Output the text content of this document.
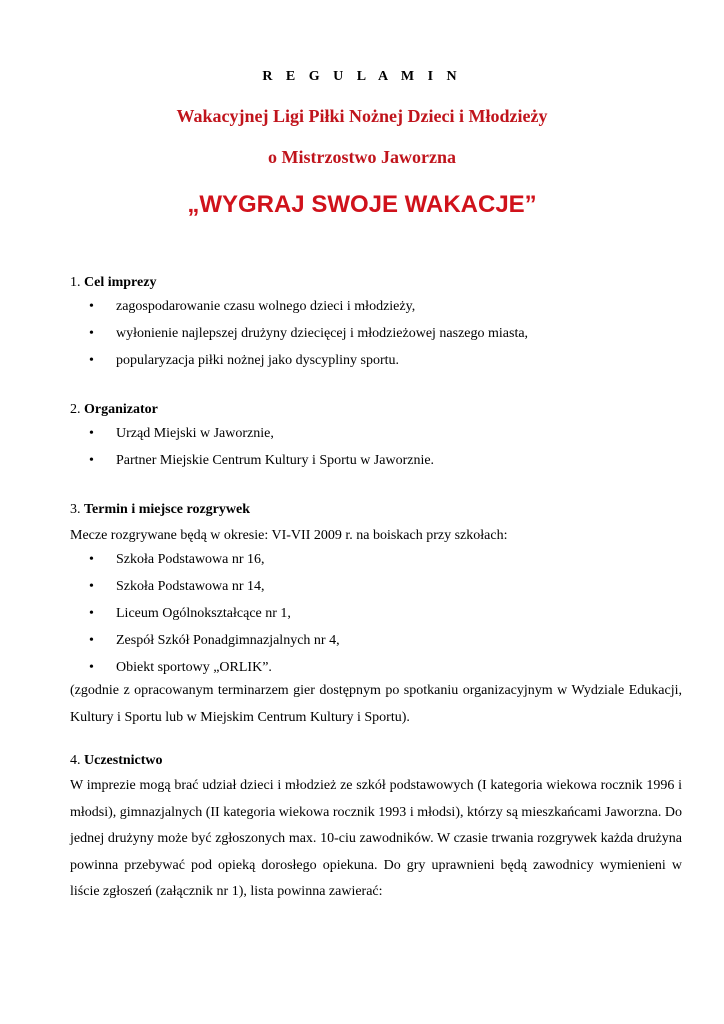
R E G U L A M I N
Wakacyjnej Ligi Piłki Nożnej Dzieci i Młodzieży
o Mistrzostwo Jaworzna
„WYGRAJ SWOJE WAKACJE”
1. Cel imprezy
• zagospodarowanie czasu wolnego dzieci i młodzieży,
• wyłonienie najlepszej drużyny dziecięcej i młodzieżowej naszego miasta,
• popularyzacja piłki nożnej jako dyscypliny sportu.
2. Organizator
• Urząd Miejski w Jaworznie,
• Partner Miejskie Centrum Kultury i Sportu w Jaworznie.
3. Termin i miejsce rozgrywek
Mecze rozgrywane będą w okresie: VI-VII 2009 r. na boiskach przy szkołach:
• Szkoła Podstawowa nr 16,
• Szkoła Podstawowa nr 14,
• Liceum Ogólnokształcące nr 1,
• Zespół Szkół Ponadgimnazjalnych nr 4,
• Obiekt sportowy „ORLIK”.
(zgodnie z opracowanym terminarzem gier dostępnym po spotkaniu organizacyjnym w Wydziale Edukacji, Kultury i Sportu lub w Miejskim Centrum Kultury i Sportu).
4. Uczestnictwo
W imprezie mogą brać udział dzieci i młodzież ze szkół podstawowych (I kategoria wiekowa rocznik 1996 i młodsi), gimnazjalnych (II kategoria wiekowa rocznik 1993 i młodsi), którzy są mieszkańcami Jaworzna. Do jednej drużyny może być zgłoszonych max. 10-ciu zawodników. W czasie trwania rozgrywek każda drużyna powinna przebywać pod opieką dorosłego opiekuna. Do gry uprawnieni będą zawodnicy wymienieni w liście zgłoszeń (załącznik nr 1), lista powinna zawierać:
